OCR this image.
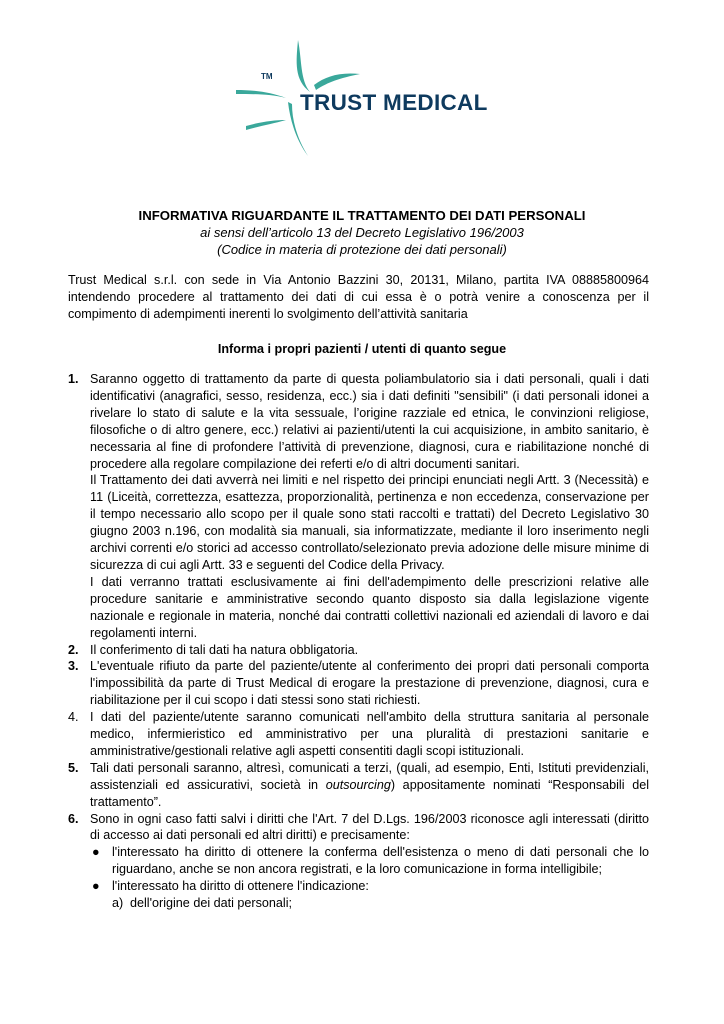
TM
TRUST MEDICAL
INFORMATIVA RIGUARDANTE IL TRATTAMENTO DEI DATI PERSONALI
ai sensi dell’articolo 13 del Decreto Legislativo 196/2003
(Codice in materia di protezione dei dati personali)
Trust Medical s.r.l. con sede in Via Antonio Bazzini 30, 20131, Milano, partita IVA 08885800964 intendendo procedere al trattamento dei dati di cui essa è o potrà venire a conoscenza per il compimento di adempimenti inerenti lo svolgimento dell’attività sanitaria
Informa i propri pazienti / utenti di quanto segue
1. Saranno oggetto di trattamento da parte di questa poliambulatorio sia i dati personali, quali i dati identificativi (anagrafici, sesso, residenza, ecc.) sia i dati definiti "sensibili" (i dati personali idonei a rivelare lo stato di salute e la vita sessuale, l’origine razziale ed etnica, le convinzioni religiose, filosofiche o di altro genere, ecc.) relativi ai pazienti/utenti la cui acquisizione, in ambito sanitario, è necessaria al fine di profondere l’attività di prevenzione, diagnosi, cura e riabilitazione nonché di procedere alla regolare compilazione dei referti e/o di altri documenti sanitari.

Il Trattamento dei dati avverrà nei limiti e nel rispetto dei principi enunciati negli Artt. 3 (Necessità) e 11 (Liceità, correttezza, esattezza, proporzionalità, pertinenza e non eccedenza, conservazione per il tempo necessario allo scopo per il quale sono stati raccolti e trattati) del Decreto Legislativo 30 giugno 2003 n.196, con modalità sia manuali, sia informatizzate, mediante il loro inserimento negli archivi correnti e/o storici ad accesso controllato/selezionato previa adozione delle misure minime di sicurezza di cui agli Artt. 33 e seguenti del Codice della Privacy.

I dati verranno trattati esclusivamente ai fini dell'adempimento delle prescrizioni relative alle procedure sanitarie e amministrative secondo quanto disposto sia dalla legislazione vigente nazionale e regionale in materia, nonché dai contratti collettivi nazionali ed aziendali di lavoro e dai regolamenti interni.

2. Il conferimento di tali dati ha natura obbligatoria.

3. L'eventuale rifiuto da parte del paziente/utente al conferimento dei propri dati personali comporta l'impossibilità da parte di Trust Medical di erogare la prestazione di prevenzione, diagnosi, cura e riabilitazione per il cui scopo i dati stessi sono stati richiesti.

4. I dati del paziente/utente saranno comunicati nell'ambito della struttura sanitaria al personale medico, infermieristico ed amministrativo per una pluralità di prestazioni sanitarie e amministrative/gestionali relative agli aspetti consentiti dagli scopi istituzionali.

5. Tali dati personali saranno, altresì, comunicati a terzi, (quali, ad esempio, Enti, Istituti previdenziali, assistenziali ed assicurativi, società in outsourcing) appositamente nominati “Responsabili del trattamento”.

6. Sono in ogni caso fatti salvi i diritti che l'Art. 7 del D.Lgs. 196/2003 riconosce agli interessati (diritto di accesso ai dati personali ed altri diritti) e precisamente:

● l'interessato ha diritto di ottenere la conferma dell'esistenza o meno di dati personali che lo riguardano, anche se non ancora registrati, e la loro comunicazione in forma intelligibile;
● l'interessato ha diritto di ottenere l'indicazione:
a) dell'origine dei dati personali;
